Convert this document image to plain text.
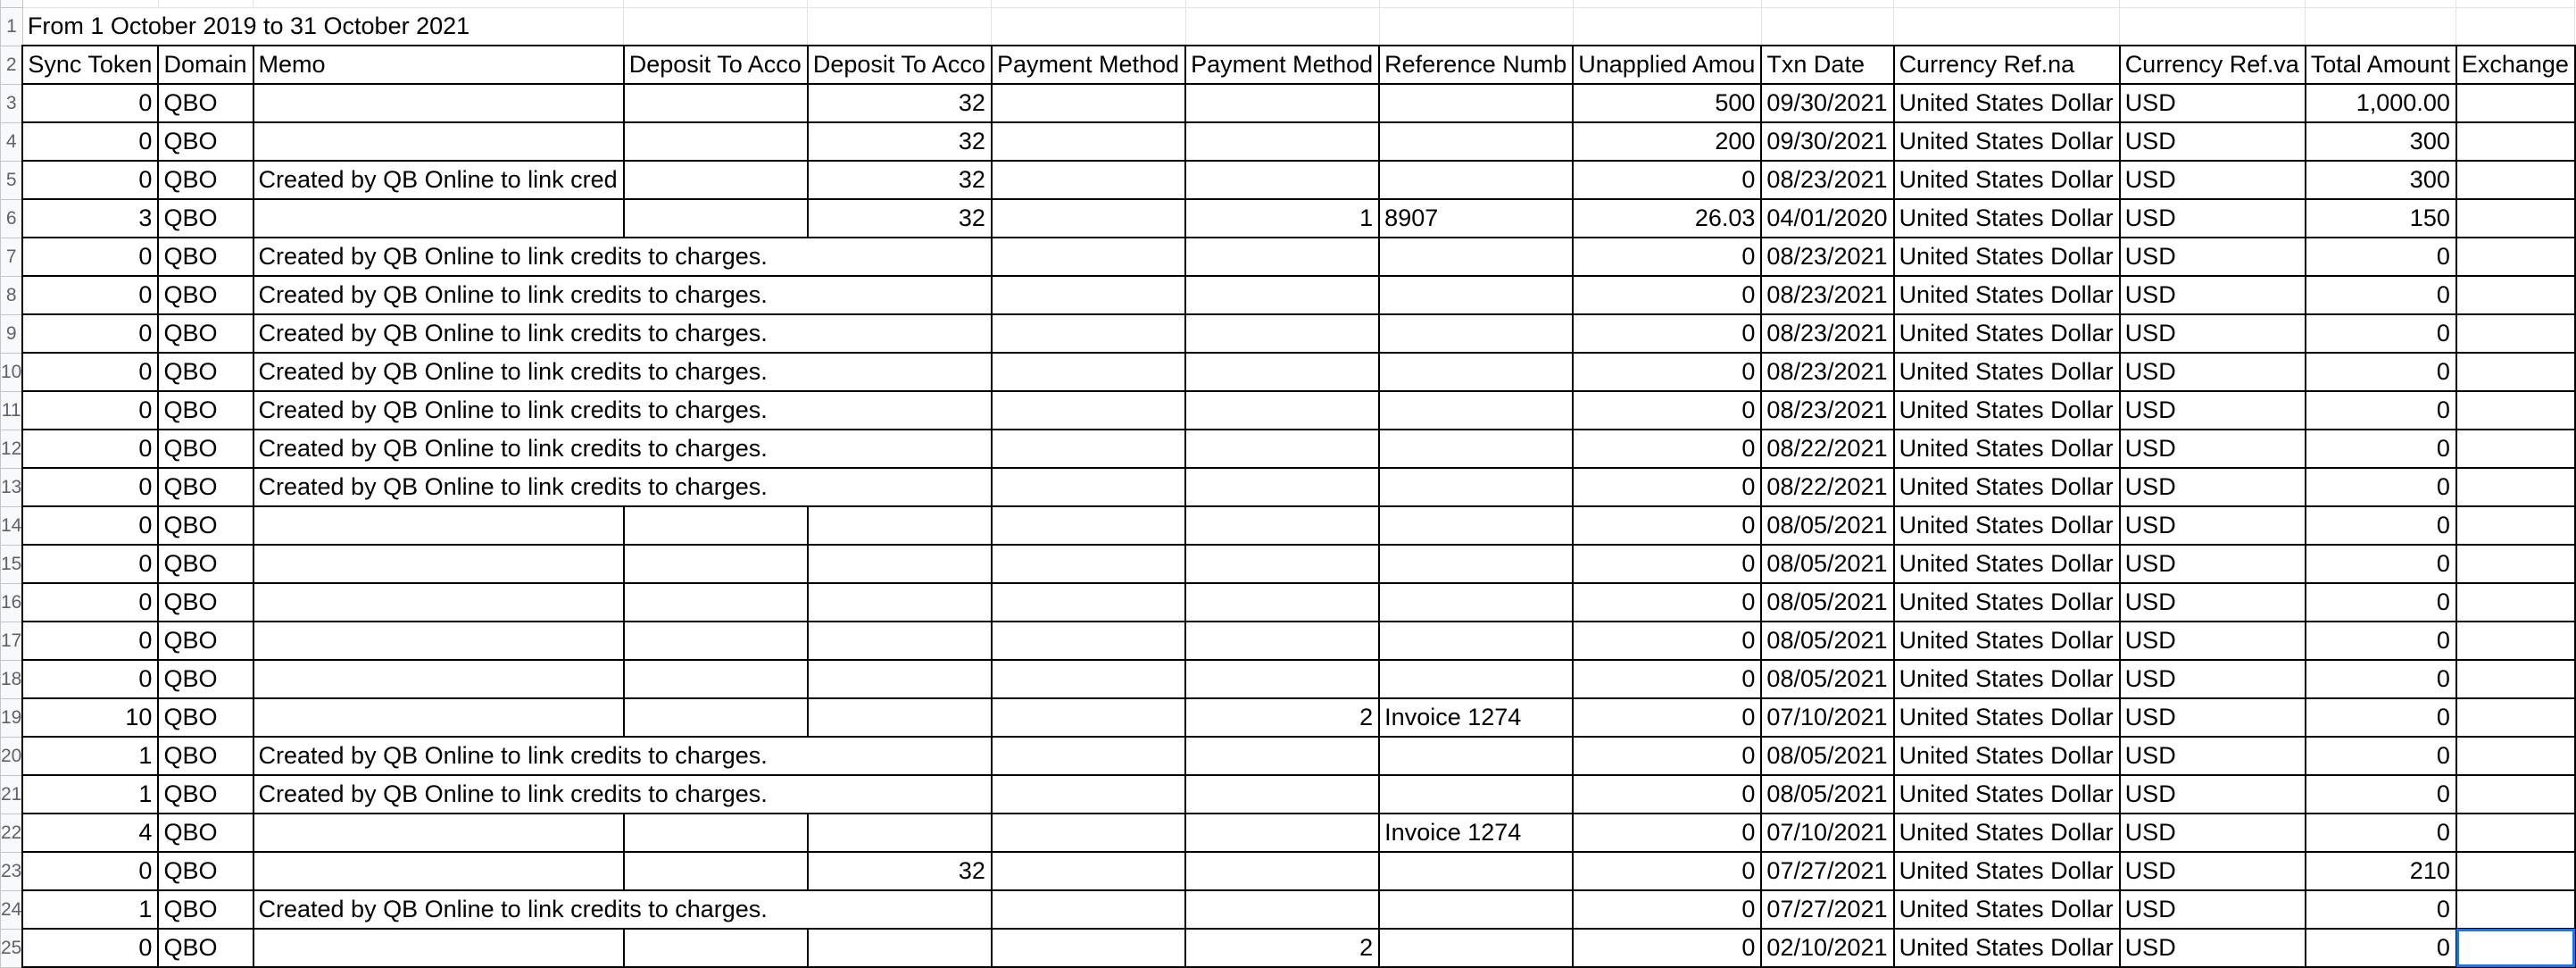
1	From 1 October 2019 to 31 October 2021													
2	Sync Token	Domain	Memo	Deposit To Acco	Deposit To Acco	Payment Method	Payment Method	Reference Numb	Unapplied Amou	Txn Date	Currency Ref.na	Currency Ref.va	Total Amount	Exchange
3	0	QBO			32				500	09/30/2021	United States Dollar	USD	1,000.00	
4	0	QBO			32				200	09/30/2021	United States Dollar	USD	300	
5	0	QBO	Created by QB Online to link cred		32				0	08/23/2021	United States Dollar	USD	300	
6	3	QBO			32		1	8907	26.03	04/01/2020	United States Dollar	USD	150	
7	0	QBO	Created by QB Online to link credits to charges.						0	08/23/2021	United States Dollar	USD	0	
8	0	QBO	Created by QB Online to link credits to charges.						0	08/23/2021	United States Dollar	USD	0	
9	0	QBO	Created by QB Online to link credits to charges.						0	08/23/2021	United States Dollar	USD	0	
10	0	QBO	Created by QB Online to link credits to charges.						0	08/23/2021	United States Dollar	USD	0	
11	0	QBO	Created by QB Online to link credits to charges.						0	08/23/2021	United States Dollar	USD	0	
12	0	QBO	Created by QB Online to link credits to charges.						0	08/22/2021	United States Dollar	USD	0	
13	0	QBO	Created by QB Online to link credits to charges.						0	08/22/2021	United States Dollar	USD	0	
14	0	QBO							0	08/05/2021	United States Dollar	USD	0	
15	0	QBO							0	08/05/2021	United States Dollar	USD	0	
16	0	QBO							0	08/05/2021	United States Dollar	USD	0	
17	0	QBO							0	08/05/2021	United States Dollar	USD	0	
18	0	QBO							0	08/05/2021	United States Dollar	USD	0	
19	10	QBO					2	Invoice 1274	0	07/10/2021	United States Dollar	USD	0	
20	1	QBO	Created by QB Online to link credits to charges.						0	08/05/2021	United States Dollar	USD	0	
21	1	QBO	Created by QB Online to link credits to charges.						0	08/05/2021	United States Dollar	USD	0	
22	4	QBO						Invoice 1274	0	07/10/2021	United States Dollar	USD	0	
23	0	QBO			32				0	07/27/2021	United States Dollar	USD	210	
24	1	QBO	Created by QB Online to link credits to charges.						0	07/27/2021	United States Dollar	USD	0	
25	0	QBO					2		0	02/10/2021	United States Dollar	USD	0	
